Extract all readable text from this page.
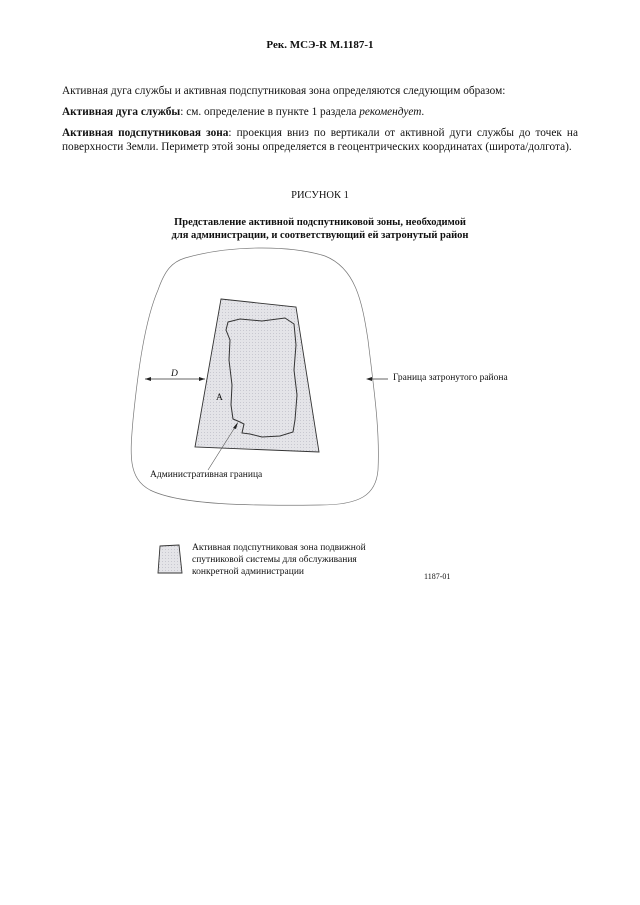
Рек. МСЭ-R M.1187-1
Активная дуга службы и активная подспутниковая зона определяются следующим образом:
Активная дуга службы: см. определение в пункте 1 раздела рекомендует.
Активная подспутниковая зона: проекция вниз по вертикали от активной дуги службы до точек на поверхности Земли. Периметр этой зоны определяется в геоцентрических координатах (широта/долгота).
РИСУНОК 1
Представление активной подспутниковой зоны, необходимой
для администрации, и соответствующий ей затронутый район
D
A
Граница затронутого района
Административная граница
Активная подспутниковая зона подвижной
спутниковой системы для обслуживания
конкретной администрации	1187-01
